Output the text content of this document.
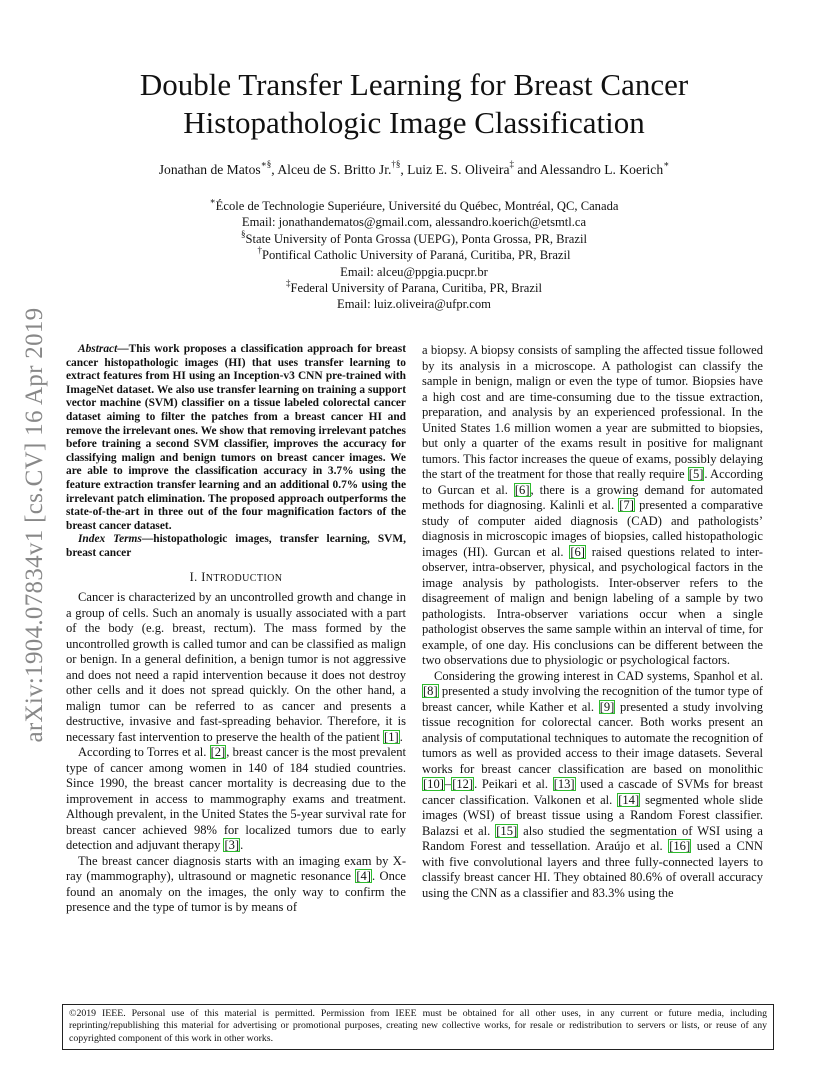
arXiv:1904.07834v1 [cs.CV] 16 Apr 2019
Double Transfer Learning for Breast Cancer
Histopathologic Image Classification
Jonathan de Matos∗§, Alceu de S. Britto Jr.†§, Luiz E. S. Oliveira‡ and Alessandro L. Koerich∗
∗École de Technologie Superiéure, Université du Québec, Montréal, QC, Canada
Email: jonathandematos@gmail.com, alessandro.koerich@etsmtl.ca
§State University of Ponta Grossa (UEPG), Ponta Grossa, PR, Brazil
†Pontifical Catholic University of Paraná, Curitiba, PR, Brazil
Email: alceu@ppgia.pucpr.br
‡Federal University of Parana, Curitiba, PR, Brazil
Email: luiz.oliveira@ufpr.com

Abstract—This work proposes a classification approach for breast cancer histopathologic images (HI) that uses transfer learning to extract features from HI using an Inception-v3 CNN pre-trained with ImageNet dataset. We also use transfer learning on training a support vector machine (SVM) classifier on a tissue labeled colorectal cancer dataset aiming to filter the patches from a breast cancer HI and remove the irrelevant ones. We show that removing irrelevant patches before training a second SVM classifier, improves the accuracy for classifying malign and benign tumors on breast cancer images. We are able to improve the classification accuracy in 3.7% using the feature extraction transfer learning and an additional 0.7% using the irrelevant patch elimination. The proposed approach outperforms the state-of-the-art in three out of the four magnification factors of the breast cancer dataset.

Index Terms—histopathologic images, transfer learning, SVM, breast cancer

I. INTRODUCTION

Cancer is characterized by an uncontrolled growth and change in a group of cells. Such an anomaly is usually associated with a part of the body (e.g. breast, rectum). The mass formed by the uncontrolled growth is called tumor and can be classified as malign or benign. In a general definition, a benign tumor is not aggressive and does not need a rapid intervention because it does not destroy other cells and it does not spread quickly. On the other hand, a malign tumor can be referred to as cancer and presents a destructive, invasive and fast-spreading behavior. Therefore, it is necessary fast intervention to preserve the health of the patient [1].

According to Torres et al. [2], breast cancer is the most prevalent type of cancer among women in 140 of 184 studied countries. Since 1990, the breast cancer mortality is decreasing due to the improvement in access to mammography exams and treatment. Although prevalent, in the United States the 5-year survival rate for breast cancer achieved 98% for localized tumors due to early detection and adjuvant therapy [3].

The breast cancer diagnosis starts with an imaging exam by X-ray (mammography), ultrasound or magnetic resonance [4]. Once found an anomaly on the images, the only way to confirm the presence and the type of tumor is by means of

a biopsy. A biopsy consists of sampling the affected tissue followed by its analysis in a microscope. A pathologist can classify the sample in benign, malign or even the type of tumor. Biopsies have a high cost and are time-consuming due to the tissue extraction, preparation, and analysis by an experienced professional. In the United States 1.6 million women a year are submitted to biopsies, but only a quarter of the exams result in positive for malignant tumors. This factor increases the queue of exams, possibly delaying the start of the treatment for those that really require [5]. According to Gurcan et al. [6], there is a growing demand for automated methods for diagnosing. Kalinli et al. [7] presented a comparative study of computer aided diagnosis (CAD) and pathologists’ diagnosis in microscopic images of biopsies, called histopathologic images (HI). Gurcan et al. [6] raised questions related to inter-observer, intra-observer, physical, and psychological factors in the image analysis by pathologists. Inter-observer refers to the disagreement of malign and benign labeling of a sample by two pathologists. Intra-observer variations occur when a single pathologist observes the same sample within an interval of time, for example, of one day. His conclusions can be different between the two observations due to physiologic or psychological factors.

Considering the growing interest in CAD systems, Spanhol et al. [8] presented a study involving the recognition of the tumor type of breast cancer, while Kather et al. [9] presented a study involving tissue recognition for colorectal cancer. Both works present an analysis of computational techniques to automate the recognition of tumors as well as provided access to their image datasets. Several works for breast cancer classification are based on monolithic [10]–[12]. Peikari et al. [13] used a cascade of SVMs for breast cancer classification. Valkonen et al. [14] segmented whole slide images (WSI) of breast tissue using a Random Forest classifier. Balazsi et al. [15] also studied the segmentation of WSI using a Random Forest and tessellation. Araújo et al. [16] used a CNN with five convolutional layers and three fully-connected layers to classify breast cancer HI. They obtained 80.6% of overall accuracy using the CNN as a classifier and 83.3% using the

©2019 IEEE. Personal use of this material is permitted. Permission from IEEE must be obtained for all other uses, in any current or future media, including reprinting/republishing this material for advertising or promotional purposes, creating new collective works, for resale or redistribution to servers or lists, or reuse of any copyrighted component of this work in other works.
